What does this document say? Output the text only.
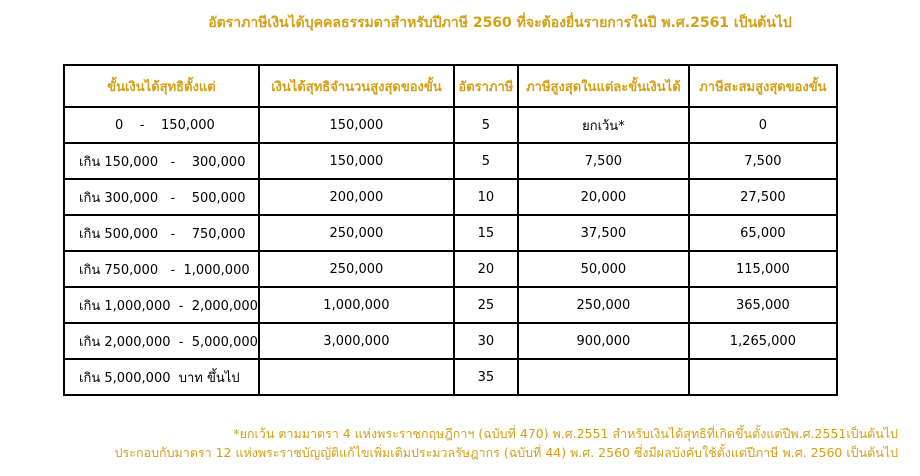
อัตราภาษีเงินได้บุคคลธรรมดาสำหรับปีภาษี 2560 ที่จะต้องยื่นรายการในปี พ.ศ.2561 เป็นต้นไป
ขั้นเงินได้สุทธิตั้งแต่	เงินได้สุทธิจำนวนสูงสุดของขั้น	อัตราภาษี	ภาษีสูงสุดในแต่ละขั้นเงินได้	ภาษีสะสมสูงสุดของขั้น
0    -    150,000	150,000	5	ยกเว้น*	0
เกิน 150,000   -    300,000	150,000	5	7,500	7,500
เกิน 300,000   -    500,000	200,000	10	20,000	27,500
เกิน 500,000   -    750,000	250,000	15	37,500	65,000
เกิน 750,000   -  1,000,000	250,000	20	50,000	115,000
เกิน 1,000,000  -  2,000,000	1,000,000	25	250,000	365,000
เกิน 2,000,000  -  5,000,000	3,000,000	30	900,000	1,265,000
เกิน 5,000,000  บาท ขึ้นไป		35		
*ยกเว้น ตามมาตรา 4 แห่งพระราชกฤษฎีกาฯ (ฉบับที่ 470) พ.ศ.2551 สำหรับเงินได้สุทธิที่เกิดขึ้นตั้งแต่ปีพ.ศ.2551เป็นต้นไป
ประกอบกับมาตรา 12 แห่งพระราชบัญญัติแก้ไขเพิ่มเติมประมวลรัษฎากร (ฉบับที่ 44) พ.ศ. 2560 ซึ่งมีผลบังคับใช้ตั้งแต่ปีภาษี พ.ศ. 2560 เป็นต้นไป
